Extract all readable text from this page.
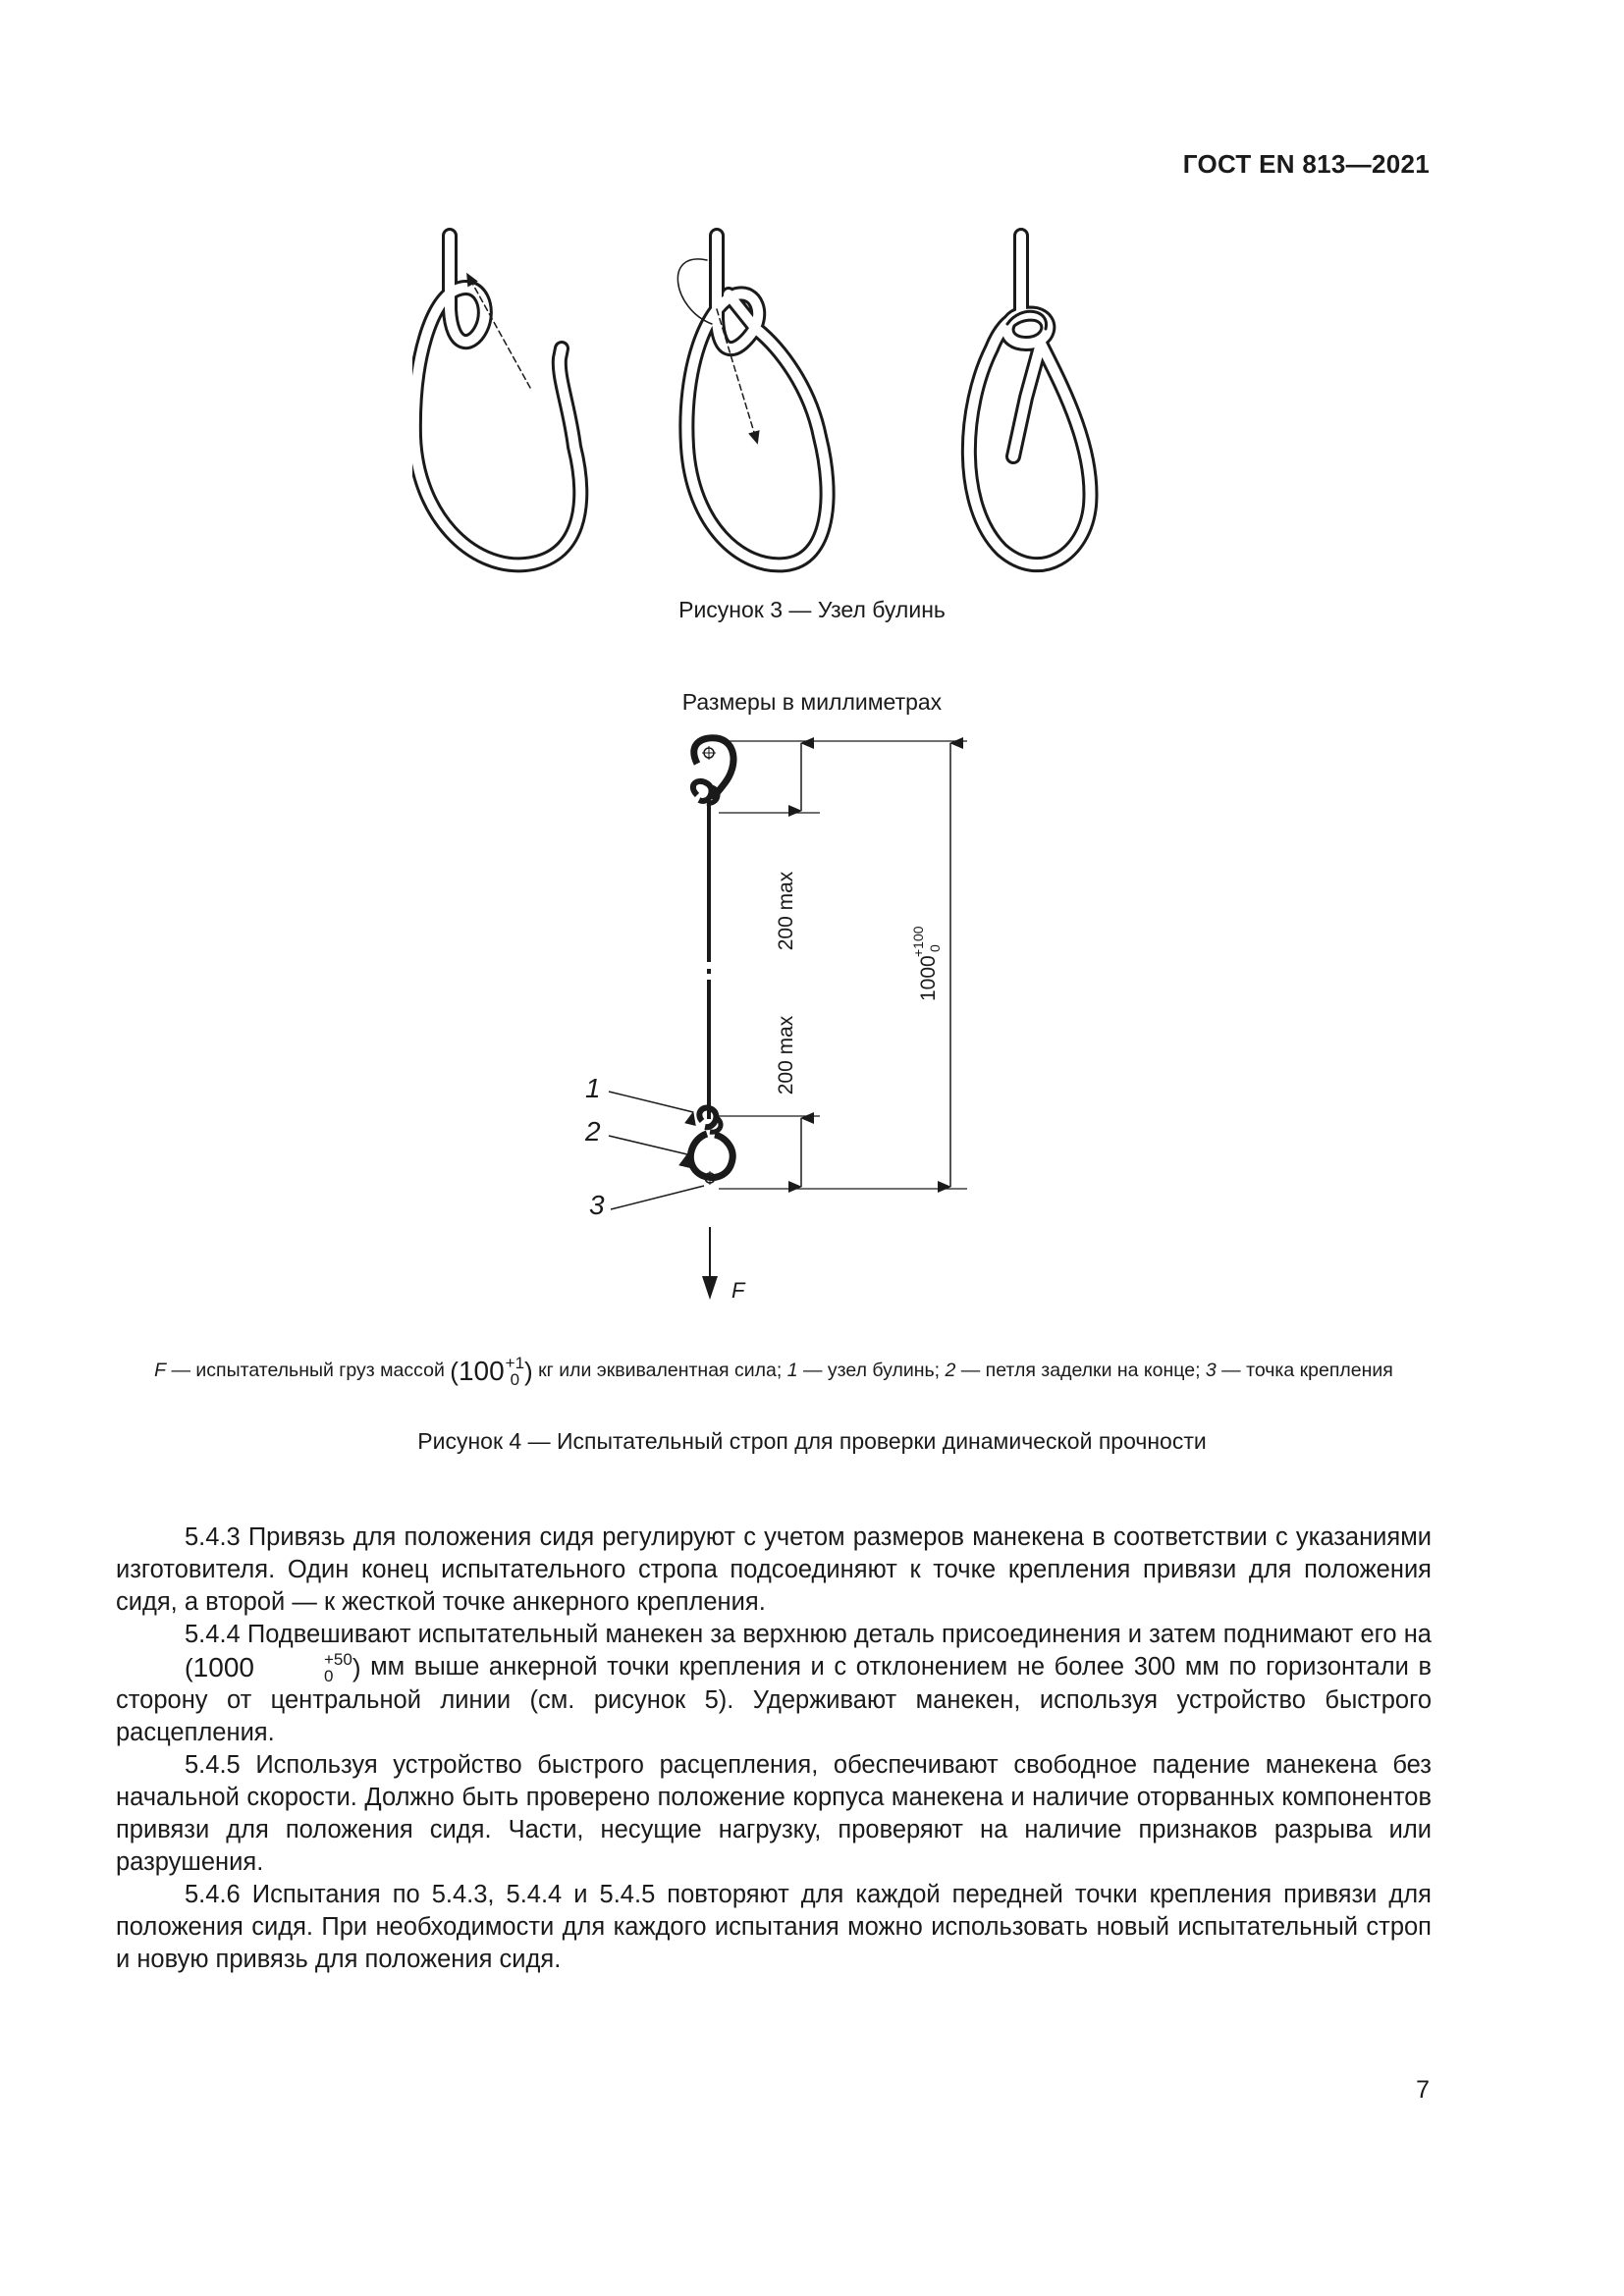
ГОСТ EN 813—2021
Рисунок 3 — Узел булинь
Размеры в миллиметрах
200 max
200 max
1000
+100 0
1
2
3
F
F — испытательный груз массой (100 +1
0 ) кг или эквивалентная сила; 1 — узел булинь; 2 — петля заделки на конце; 3 — точка крепления
Рисунок 4 — Испытательный строп для проверки динамической прочности

5.4.3 Привязь для положения сидя регулируют с учетом размеров манекена в соответствии с указаниями изготовителя. Один конец испытательного стропа подсоединяют к точке крепления привязи для положения сидя, а второй — к жесткой точке анкерного крепления.

5.4.4 Подвешивают испытательный манекен за верхнюю деталь присоединения и затем поднимают его на (1000	+50
0 ) мм выше анкерной точки крепления и с отклонением не более 300 мм по горизонтали в сторону от центральной линии (см. рисунок 5). Удерживают манекен, используя устройство быстрого расцепления.

5.4.5 Используя устройство быстрого расцепления, обеспечивают свободное падение манекена без начальной скорости. Должно быть проверено положение корпуса манекена и наличие оторванных компонентов привязи для положения сидя. Части, несущие нагрузку, проверяют на наличие признаков разрыва или разрушения.

5.4.6 Испытания по 5.4.3, 5.4.4 и 5.4.5 повторяют для каждой передней точки крепления привязи для положения сидя. При необходимости для каждого испытания можно использовать новый испытательный строп и новую привязь для положения сидя.

7
